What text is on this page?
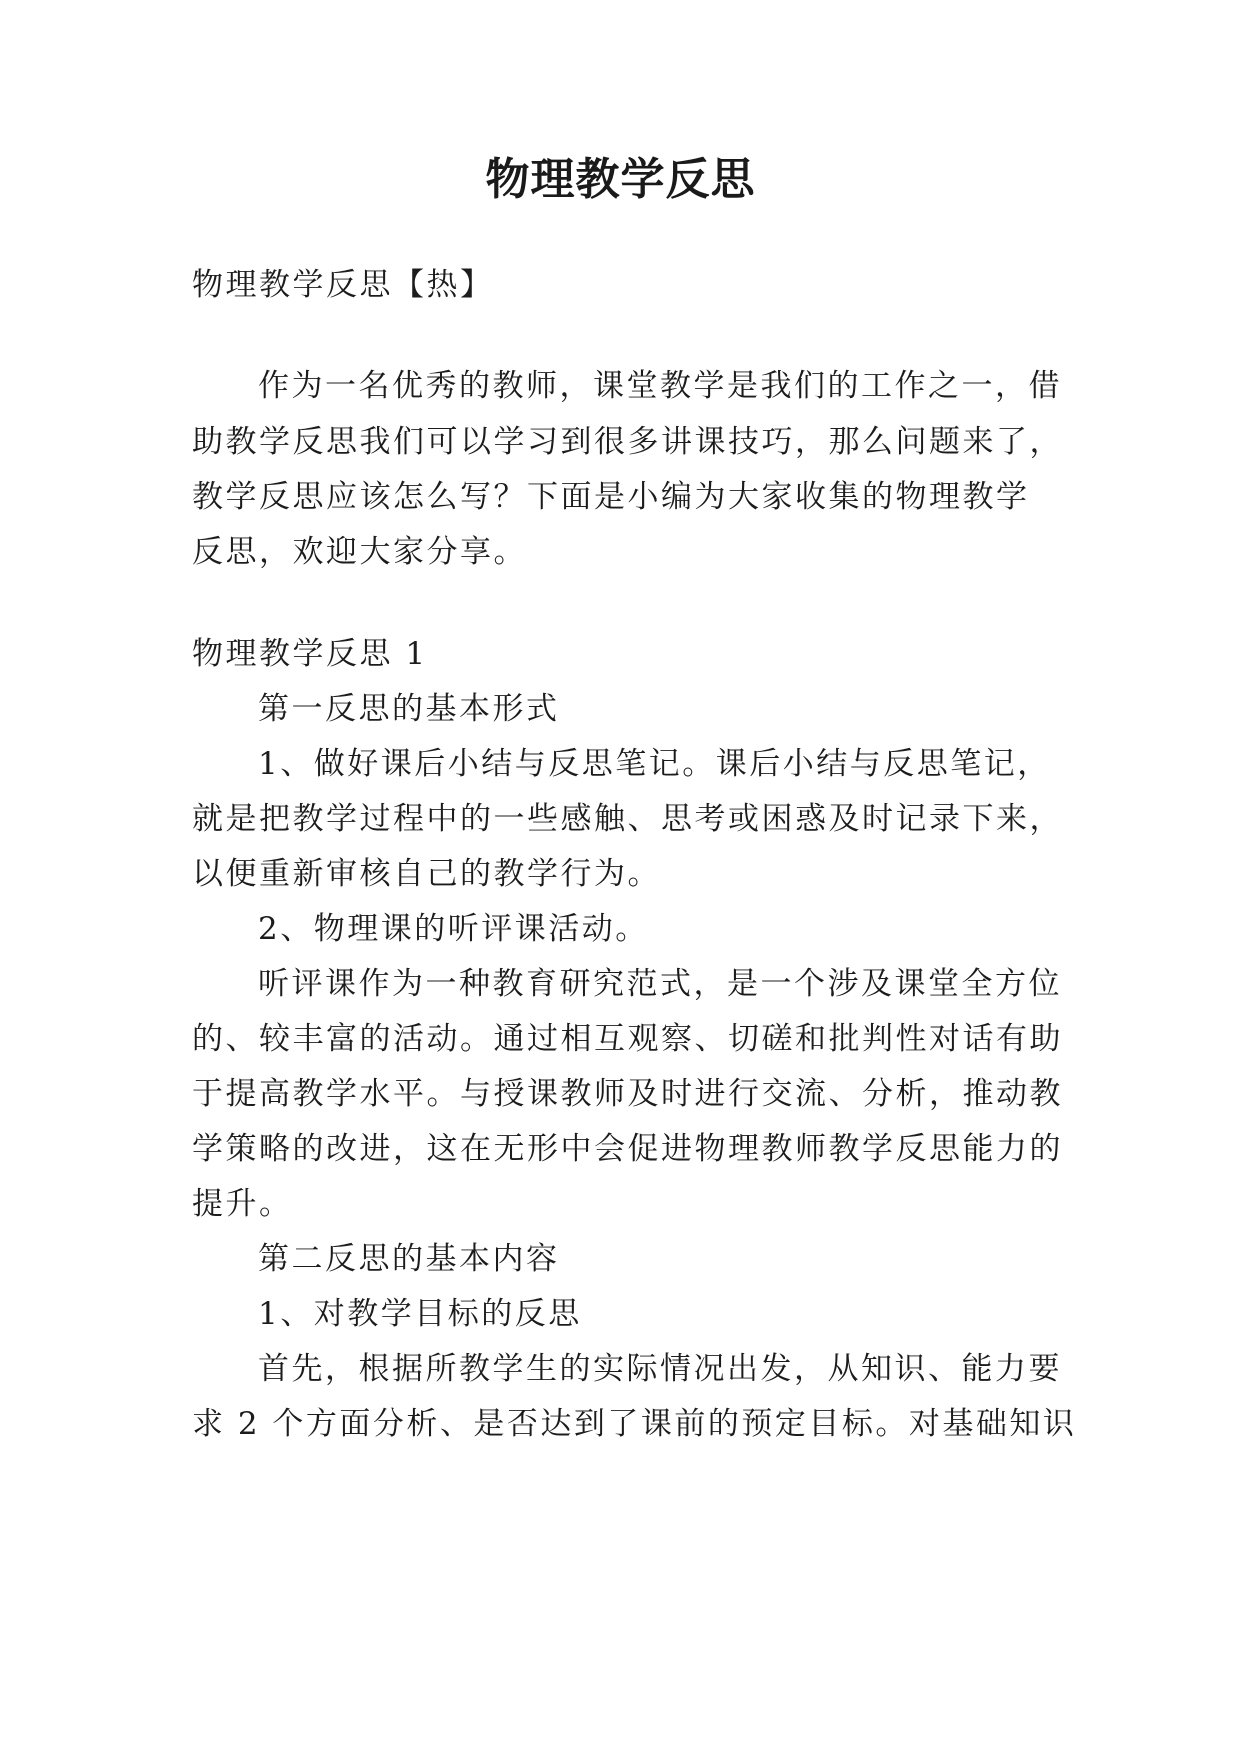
物理教学反思
物理教学反思【热】
作为一名优秀的教师，课堂教学是我们的工作之一，借
助教学反思我们可以学习到很多讲课技巧，那么问题来了，
教学反思应该怎么写？下面是小编为大家收集的物理教学
反思，欢迎大家分享。
物理教学反思 1
第一反思的基本形式
1、做好课后小结与反思笔记。课后小结与反思笔记，
就是把教学过程中的一些感触、思考或困惑及时记录下来，
以便重新审核自己的教学行为。
2、物理课的听评课活动。
听评课作为一种教育研究范式，是一个涉及课堂全方位
的、较丰富的活动。通过相互观察、切磋和批判性对话有助
于提高教学水平。与授课教师及时进行交流、分析，推动教
学策略的改进，这在无形中会促进物理教师教学反思能力的
提升。
第二反思的基本内容
1、对教学目标的反思
首先，根据所教学生的实际情况出发，从知识、能力要
求 2 个方面分析、是否达到了课前的预定目标。对基础知识
